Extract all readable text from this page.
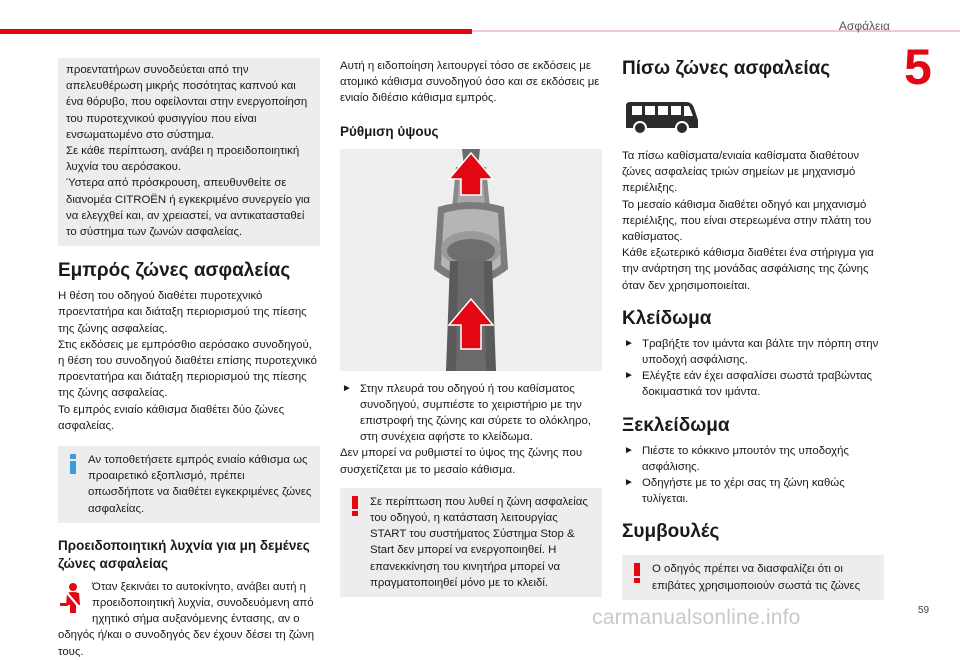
Ασφάλεια
5

προεντατήρων συνοδεύεται από την απελευθέρωση μικρής ποσότητας καπνού και ένα θόρυβο, που οφείλονται στην ενεργοποίηση του πυροτεχνικού φυσιγγίου που είναι ενσωματωμένο στο σύστημα.

Σε κάθε περίπτωση, ανάβει η προειδοποιητική λυχνία του αερόσακου.

Ύστερα από πρόσκρουση, απευθυνθείτε σε διανομέα CITROËN ή εγκεκριμένο συνεργείο για να ελεγχθεί και, αν χρειαστεί, να αντικατασταθεί το σύστημα των ζωνών ασφαλείας.

Εμπρός ζώνες ασφαλείας

Η θέση του οδηγού διαθέτει πυροτεχνικό προεντατήρα και διάταξη περιορισμού της πίεσης της ζώνης ασφαλείας.

Στις εκδόσεις με εμπρόσθιο αερόσακο συνοδηγού, η θέση του συνοδηγού διαθέτει επίσης πυροτεχνικό προεντατήρα και διάταξη περιορισμού της πίεσης της ζώνης ασφαλείας.

Το εμπρός ενιαίο κάθισμα διαθέτει δύο ζώνες ασφαλείας.

Αν τοποθετήσετε εμπρός ενιαίο κάθισμα ως προαιρετικό εξοπλισμό, πρέπει οπωσδήποτε να διαθέτει εγκεκριμένες ζώνες ασφαλείας.

Προειδοποιητική λυχνία για μη δεμένες ζώνες ασφαλείας

Όταν ξεκινάει το αυτοκίνητο, ανάβει αυτή η προειδοποιητική λυχνία, συνοδευόμενη από ηχητικό σήμα αυξανόμενης έντασης, αν ο οδηγός ή/και ο συνοδηγός δεν έχουν δέσει τη ζώνη τους.

Αυτή η ειδοποίηση λειτουργεί τόσο σε εκδόσεις με ατομικό κάθισμα συνοδηγού όσο και σε εκδόσεις με ενιαίο διθέσιο κάθισμα εμπρός.

Ρύθμιση ύψους

► Στην πλευρά του οδηγού ή του καθίσματος συνοδηγού, συμπιέστε το χειριστήριο με την επιστροφή της ζώνης και σύρετε το ολόκληρο, στη συνέχεια αφήστε το κλείδωμα.

Δεν μπορεί να ρυθμιστεί το ύψος της ζώνης που συσχετίζεται με το μεσαίο κάθισμα.

Σε περίπτωση που λυθεί η ζώνη ασφαλείας του οδηγού, η κατάσταση λειτουργίας START του συστήματος Σύστημα Stop & Start δεν μπορεί να ενεργοποιηθεί. Η επανεκκίνηση του κινητήρα μπορεί να πραγματοποιηθεί μόνο με το κλειδί.

Πίσω ζώνες ασφαλείας

Τα πίσω καθίσματα/ενιαία καθίσματα διαθέτουν ζώνες ασφαλείας τριών σημείων με μηχανισμό περιέλιξης.

Το μεσαίο κάθισμα διαθέτει οδηγό και μηχανισμό περιέλιξης, που είναι στερεωμένα στην πλάτη του καθίσματος.

Κάθε εξωτερικό κάθισμα διαθέτει ένα στήριγμα για την ανάρτηση της μονάδας ασφάλισης της ζώνης όταν δεν χρησιμοποιείται.

Κλείδωμα

► Τραβήξτε τον ιμάντα και βάλτε την πόρπη στην υποδοχή ασφάλισης.

► Ελέγξτε εάν έχει ασφαλίσει σωστά τραβώντας δοκιμαστικά τον ιμάντα.

Ξεκλείδωμα

► Πιέστε το κόκκινο μπουτόν της υποδοχής ασφάλισης.

► Οδηγήστε με το χέρι σας τη ζώνη καθώς τυλίγεται.

Συμβουλές

Ο οδηγός πρέπει να διασφαλίζει ότι οι επιβάτες χρησιμοποιούν σωστά τις ζώνες

carmanualsonline.info	59
